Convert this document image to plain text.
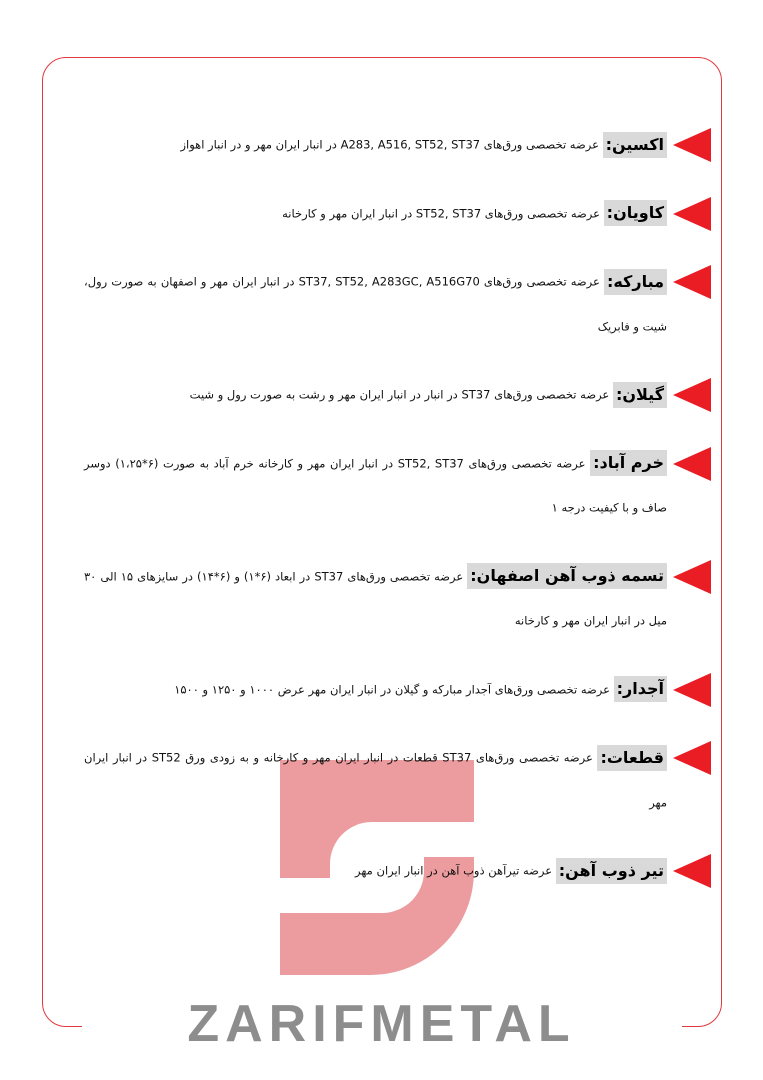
اکسین: عرضه تخصصی ورق‌های A283, A516, ST52, ST37 در انبار ایران مهر و در انبار اهواز

کاویان: عرضه تخصصی ورق‌های ST52, ST37 در انبار ایران مهر و کارخانه

مبارکه: عرضه تخصصی ورق‌های ST37, ST52, A283GC, A516G70 در انبار ایران مهر و اصفهان به صورت رول، شیت و فابریک

گیلان: عرضه تخصصی ورق‌های ST37 در انبار در انبار ایران مهر و رشت به صورت رول و شیت

خرم آباد: عرضه تخصصی ورق‌های ST52, ST37 در انبار ایران مهر و کارخانه خرم آباد به صورت (۶*۱،۲۵) دوسر صاف و با کیفیت درجه ۱

تسمه ذوب آهن اصفهان: عرضه تخصصی ورق‌های ST37 در ابعاد (۶*۱) و (۶*۱۴) در سایزهای ۱۵ الی ۳۰ میل در انبار ایران مهر و کارخانه

آجدار: عرضه تخصصی ورق‌های آجدار مبارکه و گیلان در انبار ایران مهر عرض ۱۰۰۰ و ۱۲۵۰ و ۱۵۰۰

قطعات: عرضه تخصصی ورق‌های ST37 قطعات در انبار ایران مهر و کارخانه و به زودی ورق ST52 در انبار ایران مهر

تیر ذوب آهن: عرضه تیرآهن ذوب آهن در انبار ایران مهر

ZARIFMETAL
